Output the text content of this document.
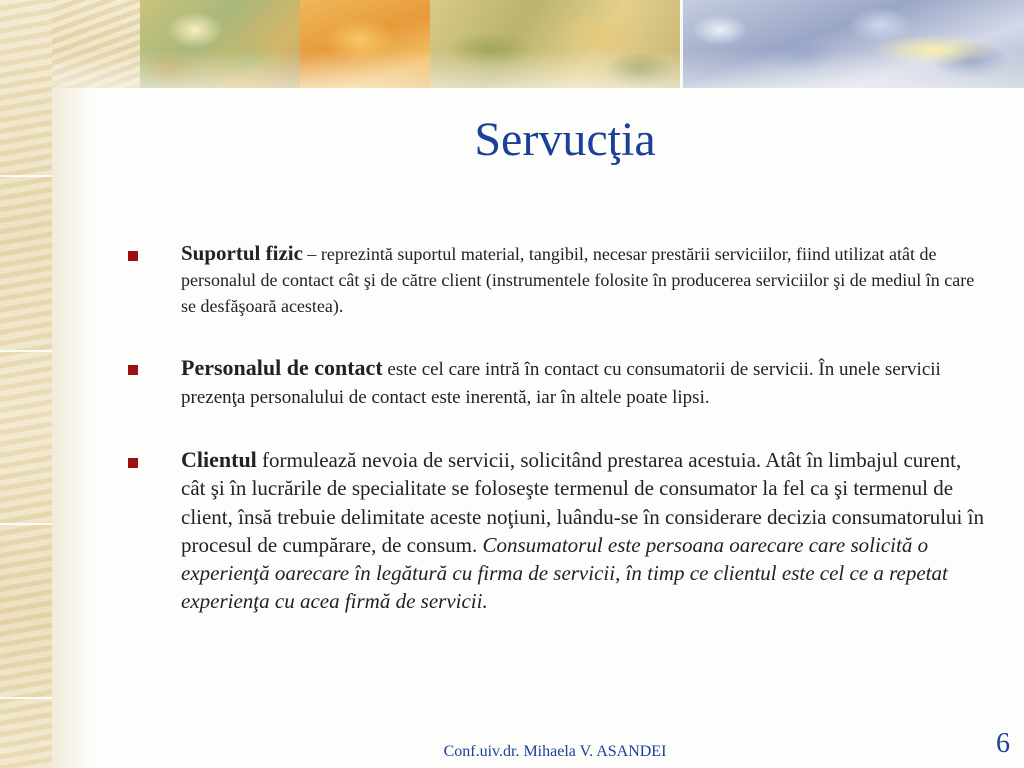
Servucţia
Suportul fizic – reprezintă suportul material, tangibil, necesar prestării serviciilor, fiind utilizat atât de personalul de contact cât şi de către client (instrumentele folosite în producerea serviciilor şi de mediul în care se desfăşoară acestea).
Personalul de contact este cel care intră în contact cu consumatorii de servicii. În unele servicii prezenţa personalului de contact este inerentă, iar în altele poate lipsi.
Clientul formulează nevoia de servicii, solicitând prestarea acestuia. Atât în limbajul curent, cât şi în lucrările de specialitate se foloseşte termenul de consumator la fel ca şi termenul de client, însă trebuie delimitate aceste noţiuni, luându-se în considerare decizia consumatorului în procesul de cumpărare, de consum. Consumatorul este persoana oarecare care solicită o experienţă oarecare în legătură cu firma de servicii, în timp ce clientul este cel ce a repetat experienţa cu acea firmă de servicii.
Conf.uiv.dr. Mihaela V. ASANDEI	6
